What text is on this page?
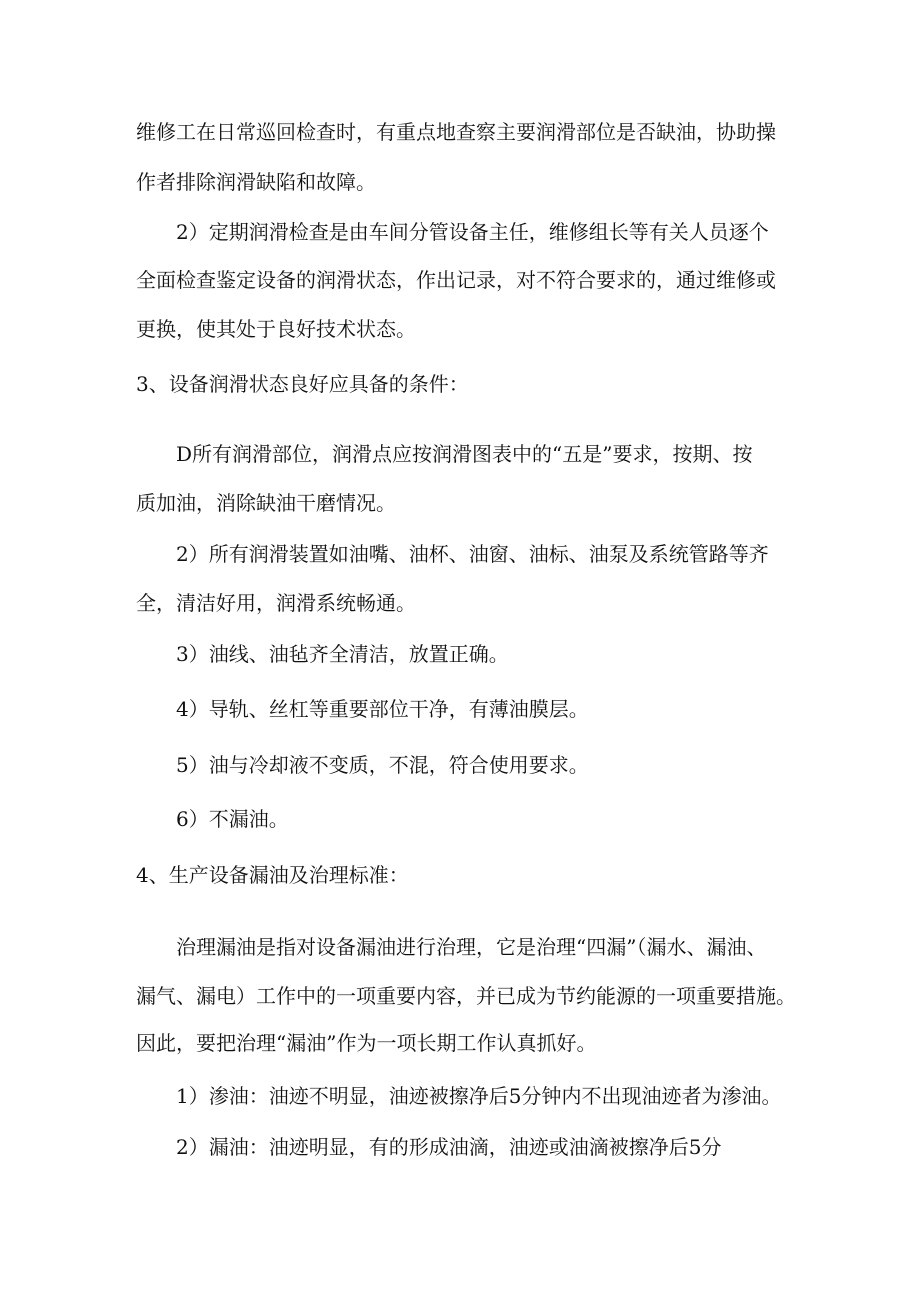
维修工在日常巡回检查时，有重点地查察主要润滑部位是否缺油，协助操
作者排除润滑缺陷和故障。
2）定期润滑检查是由车间分管设备主任，维修组长等有关人员逐个
全面检查鉴定设备的润滑状态，作出记录，对不符合要求的，通过维修或
更换，使其处于良好技术状态。
3、设备润滑状态良好应具备的条件：
D所有润滑部位，润滑点应按润滑图表中的“五是”要求，按期、按
质加油，消除缺油干磨情况。
2）所有润滑装置如油嘴、油杯、油窗、油标、油泵及系统管路等齐
全，清洁好用，润滑系统畅通。
3）油线、油毡齐全清洁，放置正确。
4）导轨、丝杠等重要部位干净，有薄油膜层。
5）油与冷却液不变质，不混，符合使用要求。
6）不漏油。
4、生产设备漏油及治理标准：
治理漏油是指对设备漏油进行治理，它是治理“四漏”（漏水、漏油、
漏气、漏电）工作中的一项重要内容，并已成为节约能源的一项重要措施。
因此，要把治理“漏油”作为一项长期工作认真抓好。
1）渗油：油迹不明显，油迹被擦净后5分钟内不出现油迹者为渗油。
2）漏油：油迹明显，有的形成油滴，油迹或油滴被擦净后5分
